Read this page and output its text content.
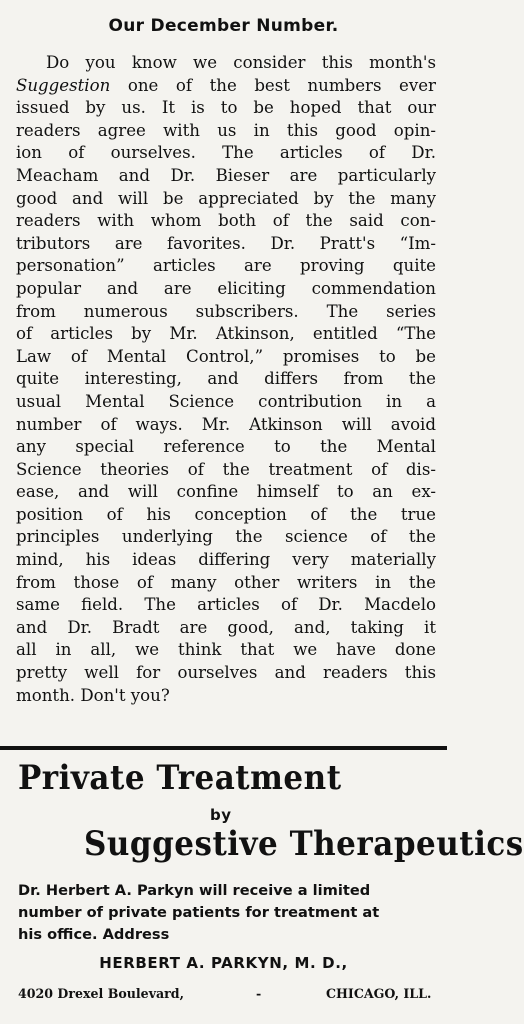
Our December Number.
Do you know we consider this month's
Suggestion one of the best numbers ever
issued by us. It is to be hoped that our
readers agree with us in this good opin-
ion of ourselves. The articles of Dr.
Meacham and Dr. Bieser are particularly
good and will be appreciated by the many
readers with whom both of the said con-
tributors are favorites. Dr. Pratt's “Im-
personation” articles are proving quite
popular and are eliciting commendation
from numerous subscribers. The series
of articles by Mr. Atkinson, entitled “The
Law of Mental Control,” promises to be
quite interesting, and differs from the
usual Mental Science contribution in a
number of ways. Mr. Atkinson will avoid
any special reference to the Mental
Science theories of the treatment of dis-
ease, and will confine himself to an ex-
position of his conception of the true
principles underlying the science of the
mind, his ideas differing very materially
from those of many other writers in the
same field. The articles of Dr. Macdelo
and Dr. Bradt are good, and, taking it
all in all, we think that we have done
pretty well for ourselves and readers this
month. Don't you?
Private Treatment
by
Suggestive Therapeutics
Dr. Herbert A. Parkyn will receive a limited
number of private patients for treatment at
his office. Address
HERBERT A. PARKYN, M. D.,
4020 Drexel Boulevard,	-	CHICAGO, ILL.
